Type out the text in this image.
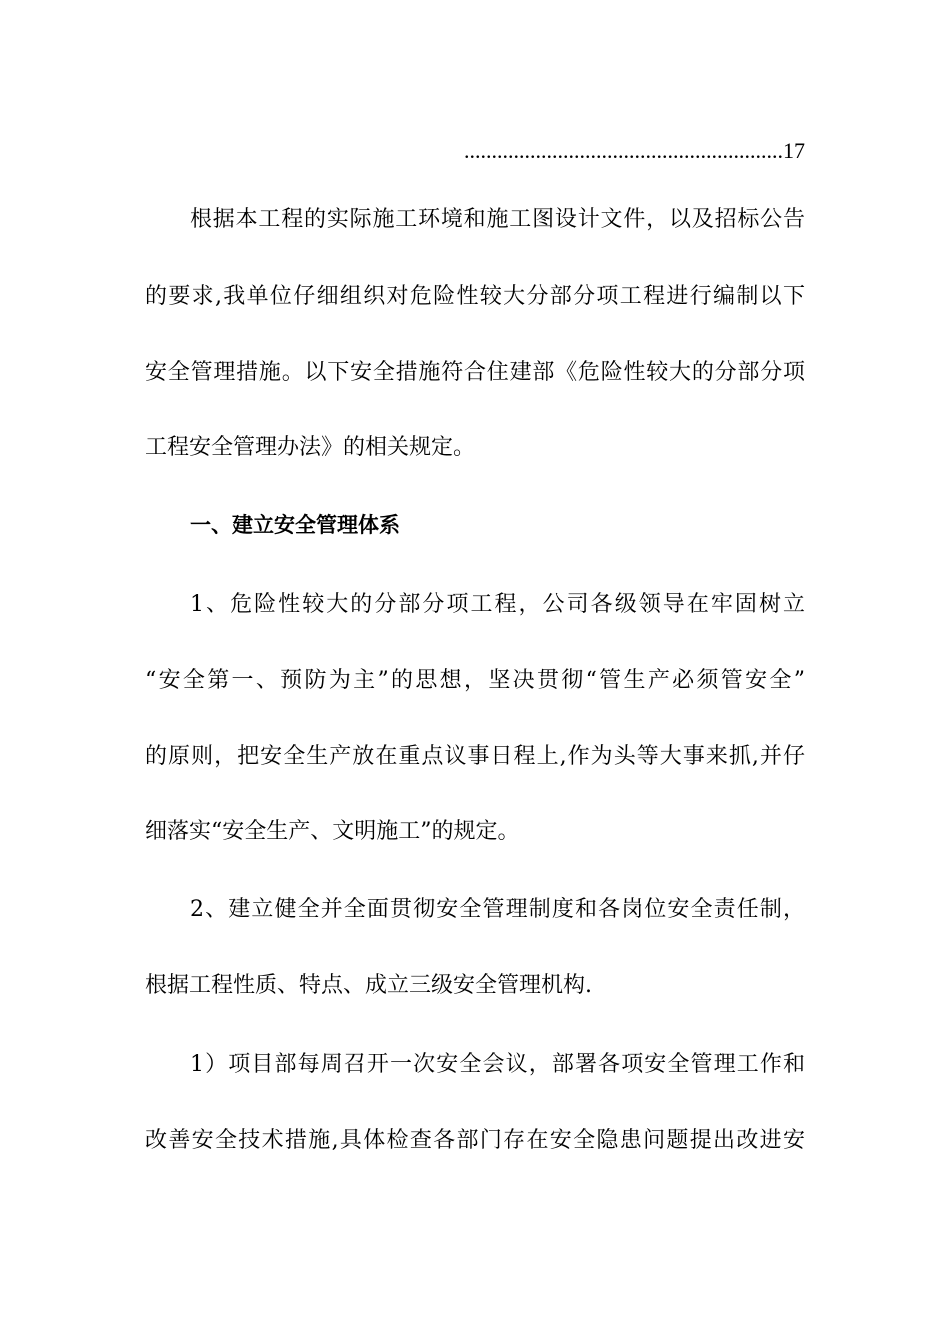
..........................................................17
根据本工程的实际施工环境和施工图设计文件，以及招标公告
的要求,我单位仔细组织对危险性较大分部分项工程进行编制以下
安全管理措施。以下安全措施符合住建部《危险性较大的分部分项
工程安全管理办法》的相关规定。
一、建立安全管理体系
1、危险性较大的分部分项工程，公司各级领导在牢固树立
“安全第一、预防为主”的思想，坚决贯彻“管生产必须管安全”
的原则，把安全生产放在重点议事日程上,作为头等大事来抓,并仔
细落实“安全生产、文明施工”的规定。
2、建立健全并全面贯彻安全管理制度和各岗位安全责任制，
根据工程性质、特点、成立三级安全管理机构.
1）项目部每周召开一次安全会议，部署各项安全管理工作和
改善安全技术措施,具体检查各部门存在安全隐患问题提出改进安
